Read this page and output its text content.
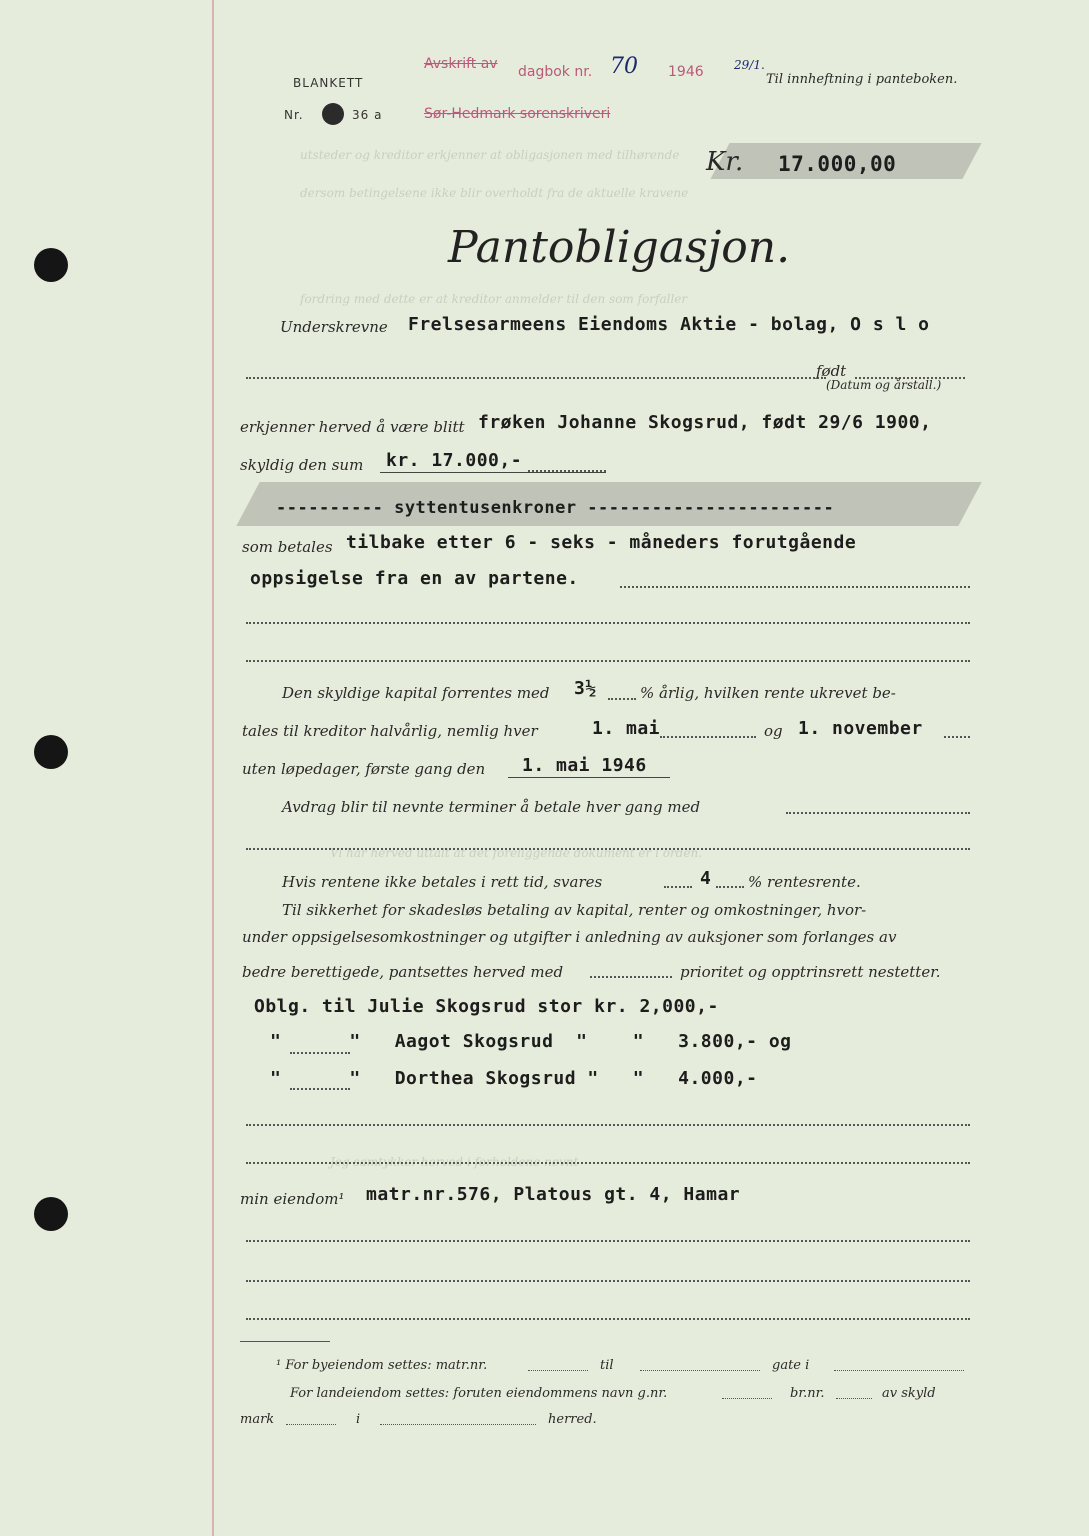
utsteder og kreditor erkjenner at obligasjonen med tilhørende
dersom betingelsene ikke blir overholdt fra de aktuelle kravene
fordring med dette er at kreditor anmelder til den som forfaller
Vi har herved uttalt at det foreliggende dokument er i orden.
Jeg samtykker herved i forholdene nevnt
BLANKETT
Nr.	36 a
Avskrift av dagbok nr. 70 1946	29/1.
Til innheftning i panteboken.
Sør-Hedmark sorenskriveri
Kr. 17.000,00
Pantobligasjon.
Underskrevne Frelsesarmeens Eiendoms Aktie - bolag, O s l o
født
(Datum og årstall.)
erkjenner herved å være blitt frøken Johanne Skogsrud, født 29/6 1900,
skyldig den sum kr. 17.000,-
---------- syttentusenkroner -----------------------
som betales tilbake etter 6 - seks - måneders forutgående
oppsigelse fra en av partene.
Den skyldige kapital forrentes med 3½	% årlig, hvilken rente ukrevet be-
tales til kreditor halvårlig, nemlig hver	1. mai	og 1. november
uten løpedager, første gang den 1. mai 1946
Avdrag blir til nevnte terminer å betale hver gang med
Hvis rentene ikke betales i rett tid, svares	4 % rentesrente.
Til sikkerhet for skadesløs betaling av kapital, renter og omkostninger, hvor-
under oppsigelsesomkostninger og utgifter i anledning av auksjoner som forlanges av
bedre berettigede, pantsettes herved med	prioritet og opptrinsrett nestetter.
Oblg. til Julie Skogsrud stor kr. 2,000,-
"      "   Aagot Skogsrud  "    "   3.800,- og
"      "   Dorthea Skogsrud "   "   4.000,-
min eiendom¹ matr.nr.576, Platous gt. 4, Hamar
¹ For byeiendom settes: matr.nr.	til	gate i
For landeiendom settes: foruten eiendommens navn g.nr.	br.nr.	av skyld
mark	i	herred.
